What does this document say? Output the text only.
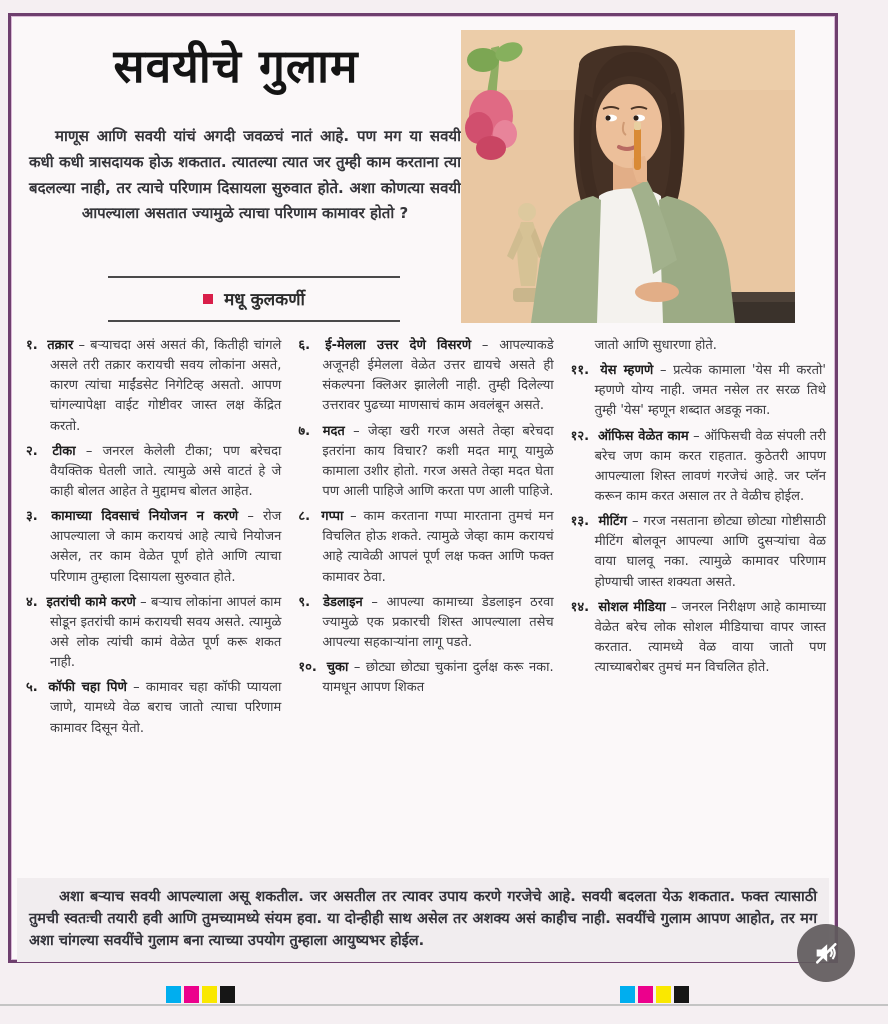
सवयीचे गुलाम

माणूस आणि सवयी यांचं अगदी जवळचं नातं आहे. पण मग या सवयी कधी कधी त्रासदायक होऊ शकतात. त्यातल्या त्यात जर तुम्ही काम करताना त्या बदलल्या नाही, तर त्याचे परिणाम दिसायला सुरुवात होते. अशा कोणत्या सवयी आपल्याला असतात ज्यामुळे त्याचा परिणाम कामावर होतो ?

मधू कुलकर्णी
१. तक्रार – बऱ्याचदा असं असतं की, कितीही चांगले असले तरी तक्रार करायची सवय लोकांना असते, कारण त्यांचा माईंडसेट निगेटिव्ह असतो. आपण चांगल्यापेक्षा वाईट गोष्टीवर जास्त लक्ष केंद्रित करतो.
२. टीका – जनरल केलेली टीका; पण बरेचदा वैयक्तिक घेतली जाते. त्यामुळे असे वाटतं हे जे काही बोलत आहेत ते मुद्दामच बोलत आहेत.
३. कामाच्या दिवसाचं नियोजन न करणे – रोज आपल्याला जे काम करायचं आहे त्याचे नियोजन असेल, तर काम वेळेत पूर्ण होते आणि त्याचा परिणाम तुम्हाला दिसायला सुरुवात होते.
४. इतरांची कामे करणे – बऱ्याच लोकांना आपलं काम सोडून इतरांची कामं करायची सवय असते. त्यामुळे असे लोक त्यांची कामं वेळेत पूर्ण करू शकत नाही.
५. कॉफी चहा पिणे – कामावर चहा कॉफी प्यायला जाणे, यामध्ये वेळ बराच जातो त्याचा परिणाम कामावर दिसून येतो.
६. ई-मेलला उत्तर देणे विसरणे – आपल्याकडे अजूनही ईमेलला वेळेत उत्तर द्यायचे असते ही संकल्पना क्लिअर झालेली नाही. तुम्ही दिलेल्या उत्तरावर पुढच्या माणसाचं काम अवलंबून असते.
७. मदत – जेव्हा खरी गरज असते तेव्हा बरेचदा इतरांना काय विचार? कशी मदत मागू यामुळे कामाला उशीर होतो. गरज असते तेव्हा मदत घेता पण आली पाहिजे आणि करता पण आली पाहिजे.
८. गप्पा – काम करताना गप्पा मारताना तुमचं मन विचलित होऊ शकते. त्यामुळे जेव्हा काम करायचं आहे त्यावेळी आपलं पूर्ण लक्ष फक्त आणि फक्त कामावर ठेवा.
९. डेडलाइन – आपल्या कामाच्या डेडलाइन ठरवा ज्यामुळे एक प्रकारची शिस्त आपल्याला तसेच आपल्या सहकाऱ्यांना लागू पडते.
१०. चुका – छोट्या छोट्या चुकांना दुर्लक्ष करू नका. यामधून आपण शिकत
जातो आणि सुधारणा होते.
११. येस म्हणणे – प्रत्येक कामाला 'येस मी करतो' म्हणणे योग्य नाही. जमत नसेल तर सरळ तिथे तुम्ही 'येस' म्हणून शब्दात अडकू नका.
१२. ऑफिस वेळेत काम – ऑफिसची वेळ संपली तरी बरेच जण काम करत राहतात. कुठेतरी आपण आपल्याला शिस्त लावणं गरजेचं आहे. जर प्लॅन करून काम करत असाल तर ते वेळीच होईल.
१३. मीटिंग – गरज नसताना छोट्या छोट्या गोष्टीसाठी मीटिंग बोलवून आपल्या आणि दुसऱ्यांचा वेळ वाया घालवू नका. त्यामुळे कामावर परिणाम होण्याची जास्त शक्यता असते.
१४. सोशल मीडिया – जनरल निरीक्षण आहे कामाच्या वेळेत बरेच लोक सोशल मीडियाचा वापर जास्त करतात. त्यामध्ये वेळ वाया जातो पण त्याच्याबरोबर तुमचं मन विचलित होते.

अशा बऱ्याच सवयी आपल्याला असू शकतील. जर असतील तर त्यावर उपाय करणे गरजेचे आहे. सवयी बदलता येऊ शकतात. फक्त त्यासाठी तुमची स्वतःची तयारी हवी आणि तुमच्यामध्ये संयम हवा. या दोन्हीही साथ असेल तर अशक्य असं काहीच नाही. सवयींचे गुलाम आपण आहोत, तर मग अशा चांगल्या सवयींचे गुलाम बना त्याच्या उपयोग तुम्हाला आयुष्यभर होईल.
